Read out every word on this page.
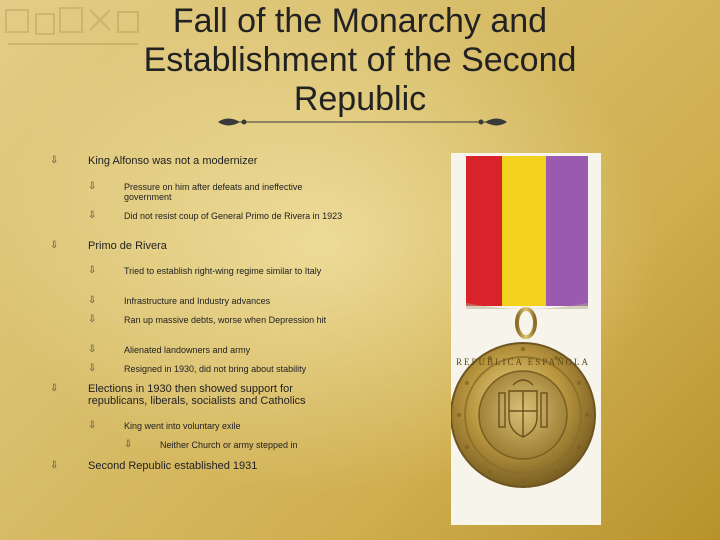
Fall of the Monarchy and Establishment of the Second Republic
⇩	King Alfonso was not a modernizer
⇩	Pressure on him after defeats and ineffective government
⇩	Did not resist coup of General Primo de Rivera in 1923
⇩	Primo de Rivera
⇩	Tried to establish right-wing regime similar to Italy
⇩	Infrastructure and Industry advances
⇩	Ran up massive debts, worse when Depression hit
⇩	Alienated landowners and army
⇩	Resigned in 1930, did not bring about stability
⇩	Elections in 1930 then showed support for republicans, liberals, socialists and Catholics
⇩	King went into voluntary exile
⇩	Neither Church or army stepped in
⇩	Second Republic established 1931
REPUBLICA ESPAÑOLA
